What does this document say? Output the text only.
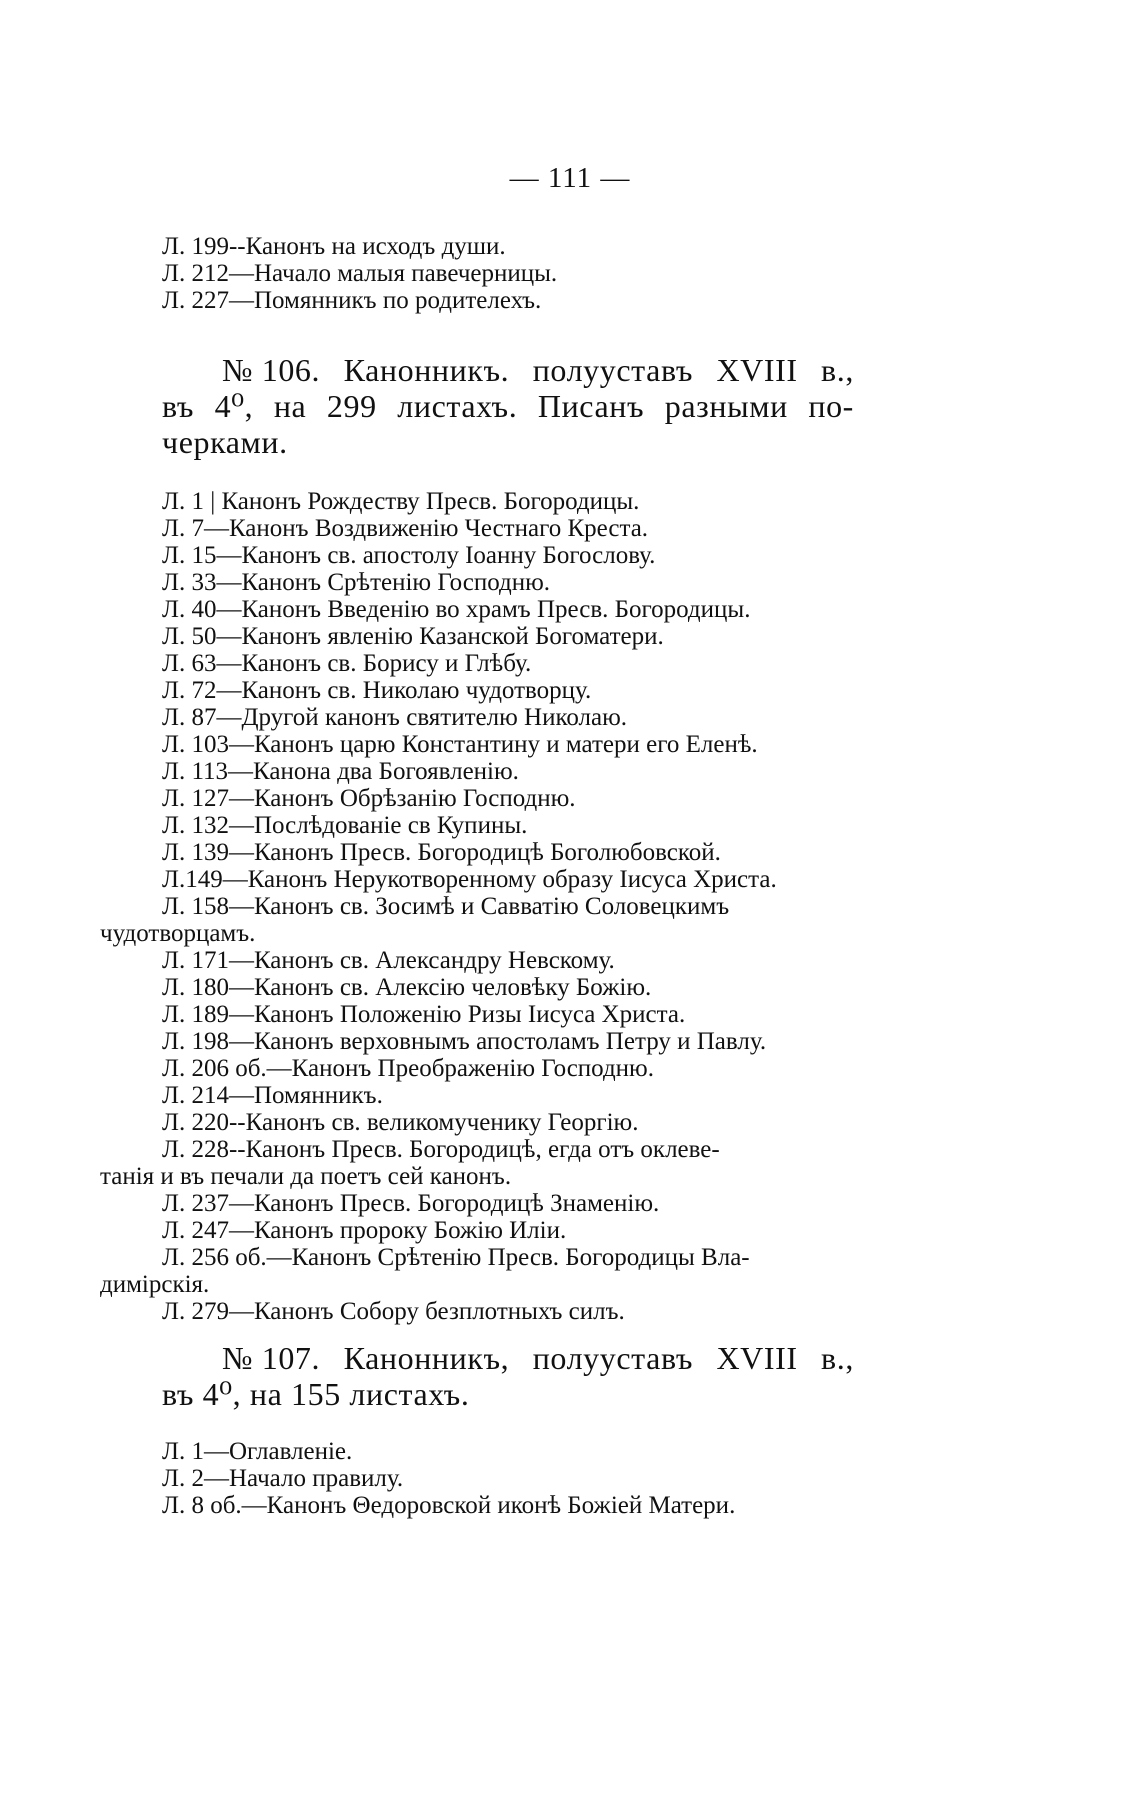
— 111 —
Л. 199--Канонъ на исходъ души.
Л. 212—Начало малыя павечерницы.
Л. 227—Помянникъ по родителехъ.
№ 106. Канонникъ. полууставъ XVIII в.,
въ 4⁰, на 299 листахъ. Писанъ разными по-
черками.
Л. 1 | Канонъ Рождеству Пресв. Богородицы.
Л. 7—Канонъ Воздвиженію Честнаго Креста.
Л. 15—Канонъ св. апостолу Іоанну Богослову.
Л. 33—Канонъ Срѣтенію Господню.
Л. 40—Канонъ Введенію во храмъ Пресв. Богородицы.
Л. 50—Канонъ явленію Казанской Богоматери.
Л. 63—Канонъ св. Борису и Глѣбу.
Л. 72—Канонъ св. Николаю чудотворцу.
Л. 87—Другой канонъ святителю Николаю.
Л. 103—Канонъ царю Константину и матери его Еленѣ.
Л. 113—Канона два Богоявленію.
Л. 127—Канонъ Обрѣзанію Господню.
Л. 132—Послѣдованіе св Купины.
Л. 139—Канонъ Пресв. Богородицѣ Боголюбовской.
Л.149—Канонъ Нерукотворенному образу Іисуса Христа.
Л. 158—Канонъ св. Зосимѣ и Савватію Соловецкимъ
чудотворцамъ.
Л. 171—Канонъ св. Александру Невскому.
Л. 180—Канонъ св. Алексію человѣку Божію.
Л. 189—Канонъ Положенію Ризы Іисуса Христа.
Л. 198—Канонъ верховнымъ апостоламъ Петру и Павлу.
Л. 206 об.—Канонъ Преображенію Господню.
Л. 214—Помянникъ.
Л. 220--Канонъ св. великомученику Георгію.
Л. 228--Канонъ Пресв. Богородицѣ, егда отъ оклеве-
танія и въ печали да поетъ сей канонъ.
Л. 237—Канонъ Пресв. Богородицѣ Знаменію.
Л. 247—Канонъ пророку Божію Иліи.
Л. 256 об.—Канонъ Срѣтенію Пресв. Богородицы Вла-
димірскія.
Л. 279—Канонъ Собору безплотныхъ силъ.
№ 107. Канонникъ, полууставъ XVIII в.,
въ 4⁰, на 155 листахъ.
Л. 1—Оглавленіе.
Л. 2—Начало правилу.
Л. 8 об.—Канонъ Θедоровской иконѣ Божіей Матери.
